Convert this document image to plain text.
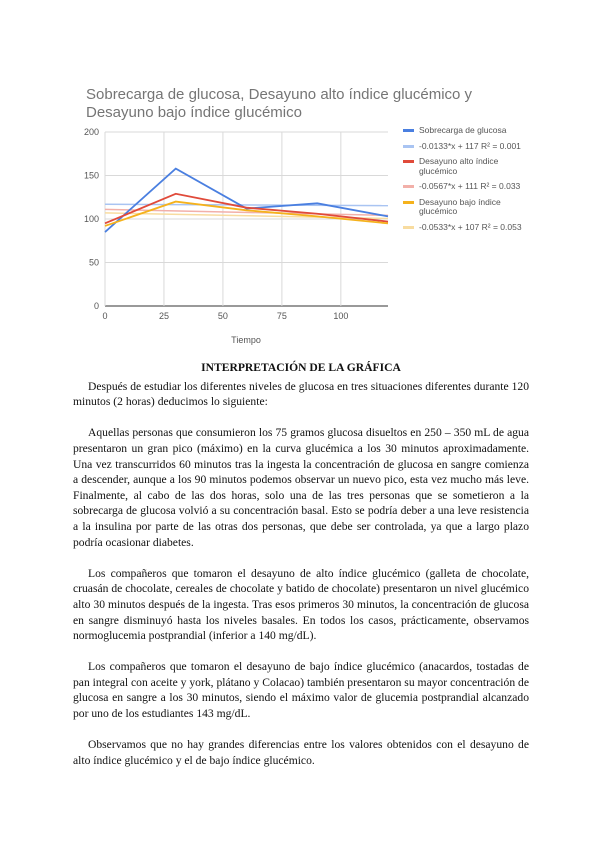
Sobrecarga de glucosa, Desayuno alto índice glucémico y Desayuno bajo índice glucémico
0
50
100
150
200
0	25	50	75	100
Tiempo
Sobrecarga de glucosa
-0.0133*x + 117 R² = 0.001
Desayuno alto índice glucémico
-0.0567*x + 111 R² = 0.033
Desayuno bajo índice glucémico
-0.0533*x + 107 R² = 0.053
INTERPRETACIÓN DE LA GRÁFICA

Después de estudiar los diferentes niveles de glucosa en tres situaciones diferentes durante 120 minutos (2 horas) deducimos lo siguiente:

Aquellas personas que consumieron los 75 gramos glucosa disueltos en 250 – 350 mL de agua presentaron un gran pico (máximo) en la curva glucémica a los 30 minutos aproximadamente. Una vez transcurridos 60 minutos tras la ingesta la concentración de glucosa en sangre comienza a descender, aunque a los 90 minutos podemos observar un nuevo pico, esta vez mucho más leve. Finalmente, al cabo de las dos horas, solo una de las tres personas que se sometieron a la sobrecarga de glucosa volvió a su concentración basal. Esto se podría deber a una leve resistencia a la insulina por parte de las otras dos personas, que debe ser controlada, ya que a largo plazo podría ocasionar diabetes.

Los compañeros que tomaron el desayuno de alto índice glucémico (galleta de chocolate, cruasán de chocolate, cereales de chocolate y batido de chocolate) presentaron un nivel glucémico alto 30 minutos después de la ingesta. Tras esos primeros 30 minutos, la concentración de glucosa en sangre disminuyó hasta los niveles basales. En todos los casos, prácticamente, observamos normoglucemia postprandial (inferior a 140 mg/dL).

Los compañeros que tomaron el desayuno de bajo índice glucémico (anacardos, tostadas de pan integral con aceite y york, plátano y Colacao) también presentaron su mayor concentración de glucosa en sangre a los 30 minutos, siendo el máximo valor de glucemia postprandial alcanzado por uno de los estudiantes 143 mg/dL.

Observamos que no hay grandes diferencias entre los valores obtenidos con el desayuno de alto índice glucémico y el de bajo índice glucémico.
